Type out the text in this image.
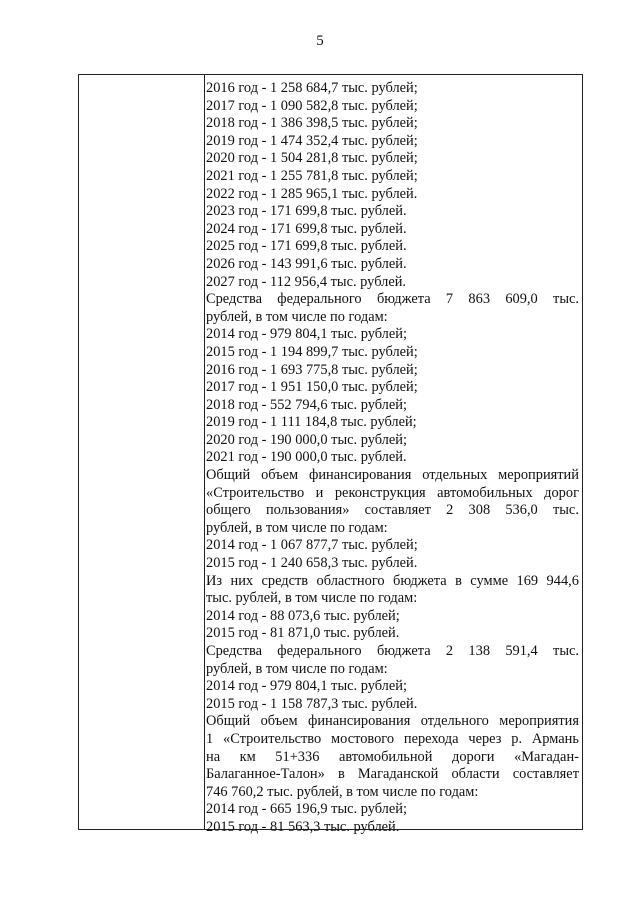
5
2016 год - 1 258 684,7 тыс. рублей;
2017 год - 1 090 582,8 тыс. рублей;
2018 год - 1 386 398,5 тыс. рублей;
2019 год - 1 474 352,4 тыс. рублей;
2020 год - 1 504 281,8 тыс. рублей;
2021 год - 1 255 781,8 тыс. рублей;
2022 год - 1 285 965,1 тыс. рублей.
2023 год - 171 699,8 тыс. рублей.
2024 год - 171 699,8 тыс. рублей.
2025 год - 171 699,8 тыс. рублей.
2026 год - 143 991,6 тыс. рублей.
2027 год - 112 956,4 тыс. рублей.
Средства федерального бюджета 7 863 609,0 тыс.
рублей, в том числе по годам:
2014 год - 979 804,1 тыс. рублей;
2015 год - 1 194 899,7 тыс. рублей;
2016 год - 1 693 775,8 тыс. рублей;
2017 год - 1 951 150,0 тыс. рублей;
2018 год - 552 794,6 тыс. рублей;
2019 год - 1 111 184,8 тыс. рублей;
2020 год - 190 000,0 тыс. рублей;
2021 год - 190 000,0 тыс. рублей.
Общий объем финансирования отдельных мероприятий
«Строительство и реконструкция автомобильных дорог
общего пользования» составляет 2 308 536,0 тыс.
рублей, в том числе по годам:
2014 год - 1 067 877,7 тыс. рублей;
2015 год - 1 240 658,3 тыс. рублей.
Из них средств областного бюджета в сумме 169 944,6
тыс. рублей, в том числе по годам:
2014 год - 88 073,6 тыс. рублей;
2015 год - 81 871,0 тыс. рублей.
Средства федерального бюджета 2 138 591,4 тыс.
рублей, в том числе по годам:
2014 год - 979 804,1 тыс. рублей;
2015 год - 1 158 787,3 тыс. рублей.
Общий объем финансирования отдельного мероприятия
1 «Строительство мостового перехода через р. Армань
на км 51+336 автомобильной дороги «Магадан-
Балаганное-Талон» в Магаданской области составляет
746 760,2 тыс. рублей, в том числе по годам:
2014 год - 665 196,9 тыс. рублей;
2015 год - 81 563,3 тыс. рублей.
